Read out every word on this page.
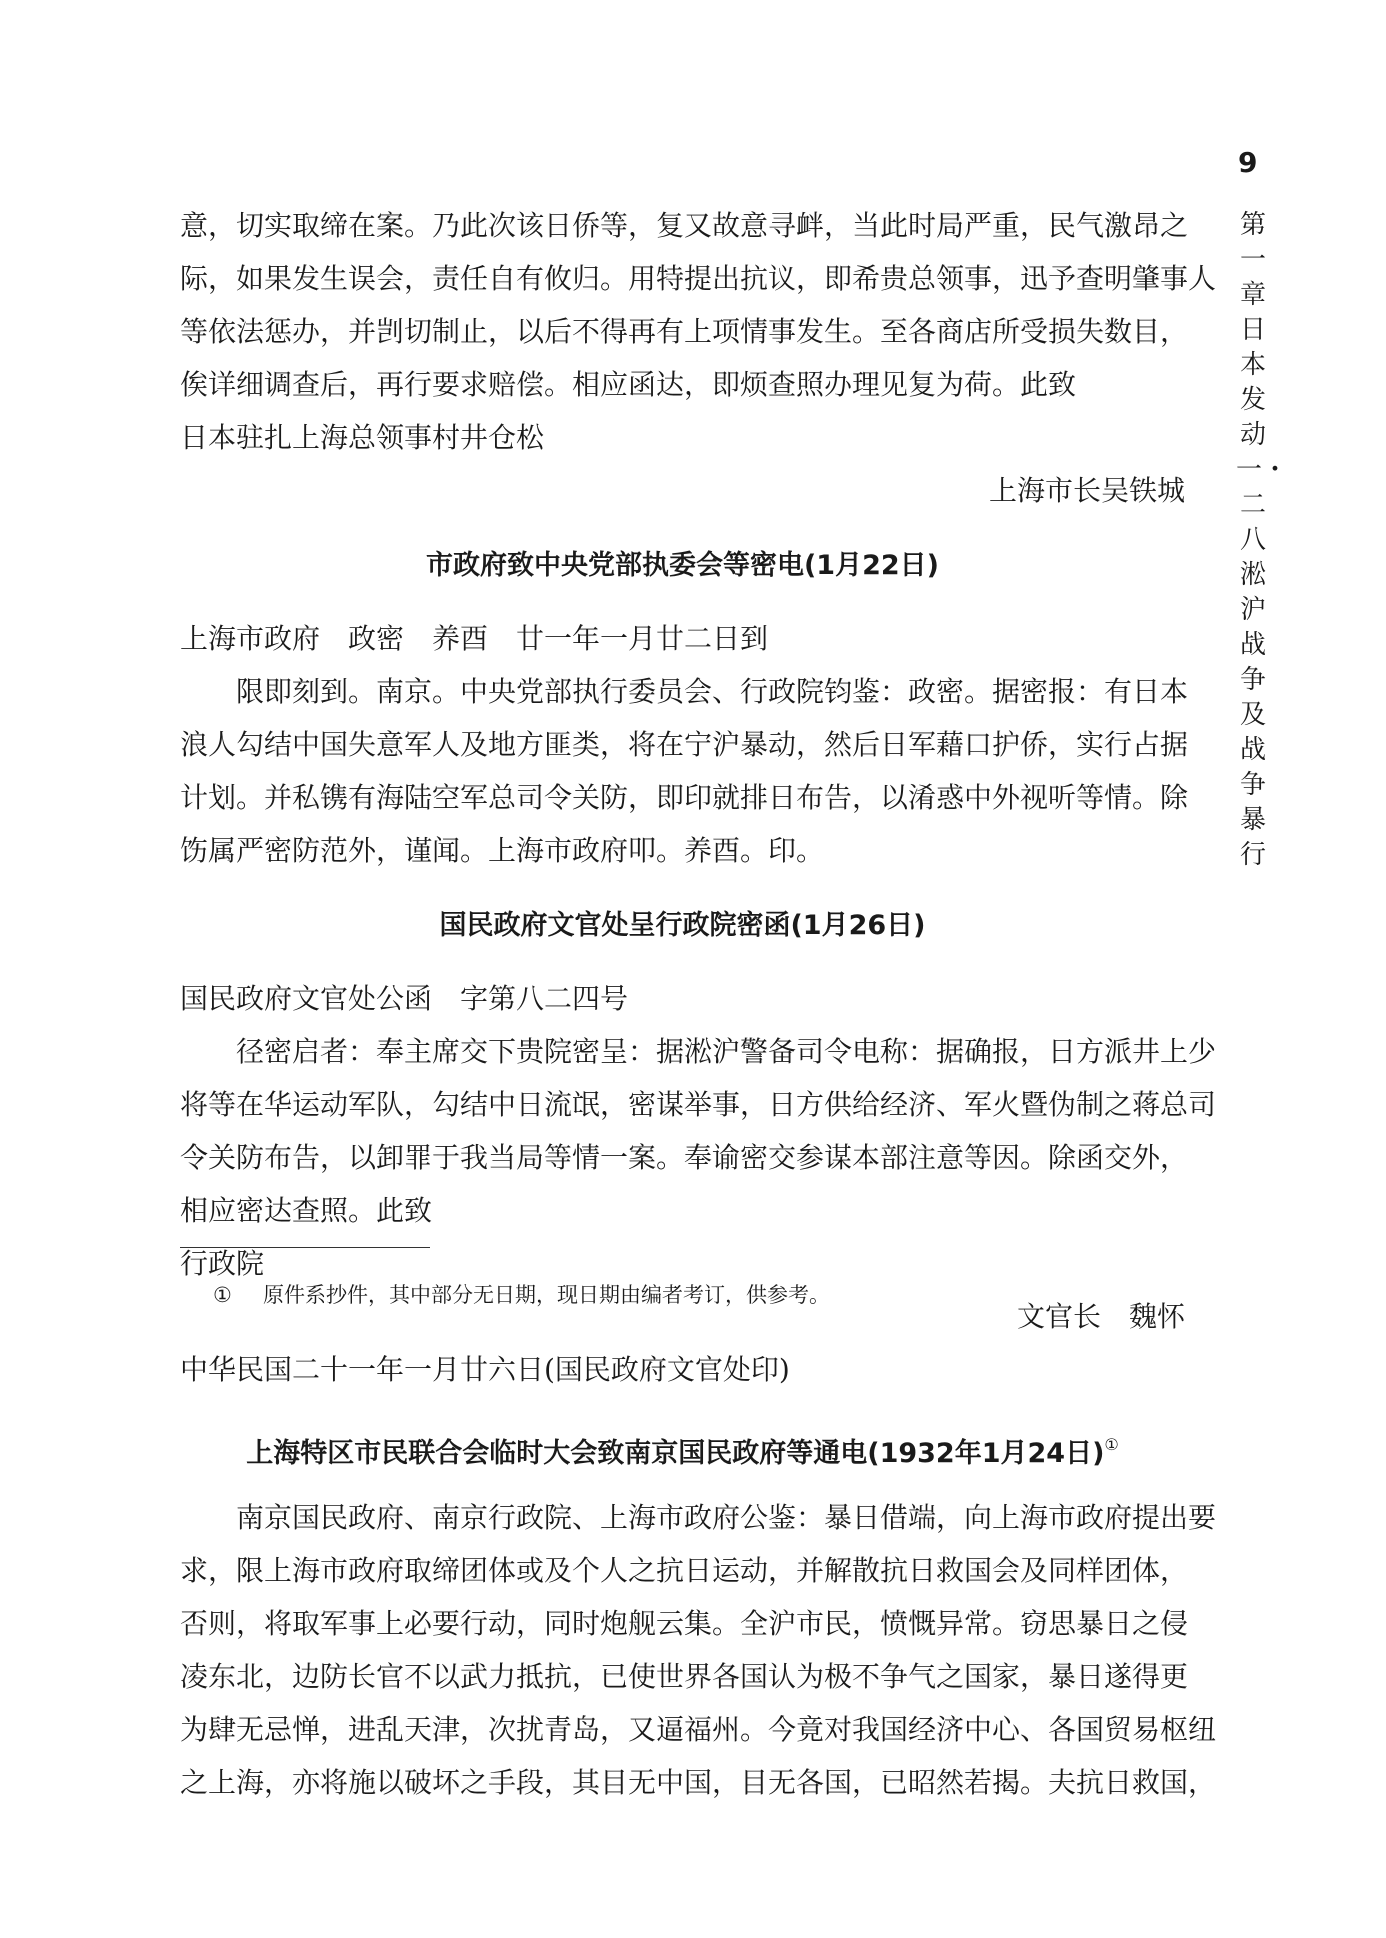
9
第一章　日本发动一・二八淞沪战争及战争暴行
意，切实取缔在案。乃此次该日侨等，复又故意寻衅，当此时局严重，民气激昂之
际，如果发生误会，责任自有攸归。用特提出抗议，即希贵总领事，迅予查明肇事人
等依法惩办，并剀切制止，以后不得再有上项情事发生。至各商店所受损失数目，
俟详细调查后，再行要求赔偿。相应函达，即烦查照办理见复为荷。此致
日本驻扎上海总领事村井仓松
上海市长吴铁城
市政府致中央党部执委会等密电(1月22日)
上海市政府　政密　养酉　廿一年一月廿二日到
限即刻到。南京。中央党部执行委员会、行政院钧鉴：政密。据密报：有日本
浪人勾结中国失意军人及地方匪类，将在宁沪暴动，然后日军藉口护侨，实行占据
计划。并私镌有海陆空军总司令关防，即印就排日布告，以淆惑中外视听等情。除
饬属严密防范外，谨闻。上海市政府叩。养酉。印。
国民政府文官处呈行政院密函(1月26日)
国民政府文官处公函　字第八二四号
径密启者：奉主席交下贵院密呈：据淞沪警备司令电称：据确报，日方派井上少
将等在华运动军队，勾结中日流氓，密谋举事，日方供给经济、军火暨伪制之蒋总司
令关防布告，以卸罪于我当局等情一案。奉谕密交参谋本部注意等因。除函交外，
相应密达查照。此致
行政院
文官长　魏怀
中华民国二十一年一月廿六日(国民政府文官处印)
上海特区市民联合会临时大会致南京国民政府等通电(1932年1月24日)①
南京国民政府、南京行政院、上海市政府公鉴：暴日借端，向上海市政府提出要
求，限上海市政府取缔团体或及个人之抗日运动，并解散抗日救国会及同样团体，
否则，将取军事上必要行动，同时炮舰云集。全沪市民，愤慨异常。窃思暴日之侵
凌东北，边防长官不以武力抵抗，已使世界各国认为极不争气之国家，暴日遂得更
为肆无忌惮，进乱天津，次扰青岛，又逼福州。今竟对我国经济中心、各国贸易枢纽
之上海，亦将施以破坏之手段，其目无中国，目无各国，已昭然若揭。夫抗日救国，
① 原件系抄件，其中部分无日期，现日期由编者考订，供参考。
